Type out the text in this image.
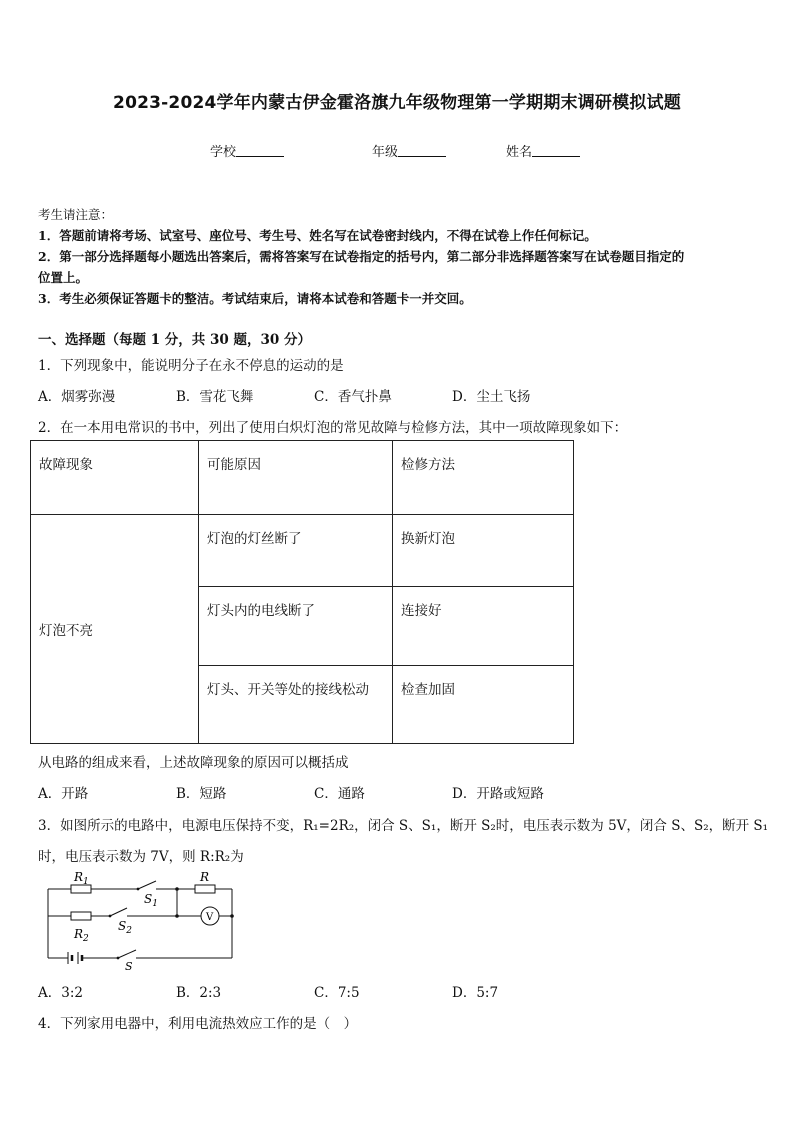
2023-2024学年内蒙古伊金霍洛旗九年级物理第一学期期末调研模拟试题
学校	年级	姓名
考生请注意：
1．答题前请将考场、试室号、座位号、考生号、姓名写在试卷密封线内，不得在试卷上作任何标记。
2．第一部分选择题每小题选出答案后，需将答案写在试卷指定的括号内，第二部分非选择题答案写在试卷题目指定的
位置上。
3．考生必须保证答题卡的整洁。考试结束后，请将本试卷和答题卡一并交回。
一、选择题（每题 1 分，共 30 题，30 分）
1．下列现象中，能说明分子在永不停息的运动的是
A．烟雾弥漫	B．雪花飞舞	C．香气扑鼻	D．尘土飞扬
2．在一本用电常识的书中，列出了使用白炽灯泡的常见故障与检修方法，其中一项故障现象如下：
故障现象	可能原因	检修方法
灯泡不亮	灯泡的灯丝断了	换新灯泡
	灯头内的电线断了	连接好
	灯头、开关等处的接线松动	检查加固
从电路的组成来看，上述故障现象的原因可以概括成
A．开路	B．短路	C．通路	D．开路或短路
3．如图所示的电路中，电源电压保持不变，R₁=2R₂，闭合 S、S₁，断开 S₂时，电压表示数为 5V，闭合 S、S₂，断开 S₁
时，电压表示数为 7V，则 R:R₂为
$R_1$	R
$S_1$
$R_2$
$S_2$
S
V
A．3:2	B．2:3	C．7:5	D．5:7
4．下列家用电器中，利用电流热效应工作的是（　）
